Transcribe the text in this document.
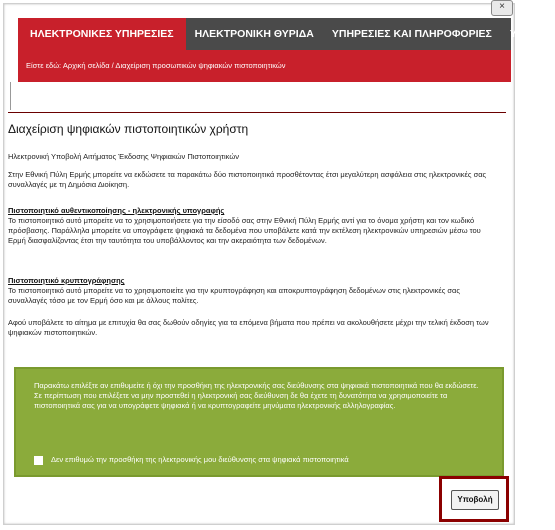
×
ΗΛΕΚΤΡΟΝΙΚΕΣ ΥΠΗΡΕΣΙΕΣ ΗΛΕΚΤΡΟΝΙΚΗ ΘΥΡΙΔΑ ΥΠΗΡΕΣΙΕΣ ΚΑΙ ΠΛΗΡΟΦΟΡΙΕΣ ΥΠΗΡΕ
Είστε εδώ: Αρχική σελίδα / Διαχείριση προσωπικών ψηφιακών πιστοποιητικών
Διαχείριση ψηφιακών πιστοποιητικών χρήστη
Ηλεκτρονική Υποβολή Αιτήματος Έκδοσης Ψηφιακών Πιστοποιητικών
Στην Εθνική Πύλη Ερμής μπορείτε να εκδώσετε τα παρακάτω δύο πιστοποιητικά προσθέτοντας έτσι μεγαλύτερη ασφάλεια στις ηλεκτρονικές σας συναλλαγές με τη Δημόσια Διοίκηση.
Πιστοποιητικό αυθεντικοποίησης - ηλεκτρονικής υπογραφής
Το πιστοποιητικό αυτό μπορείτε να το χρησιμοποιήσετε για την είσοδό σας στην Εθνική Πύλη Ερμής αντί για το όνομα χρήστη και τον κωδικό πρόσβασης. Παράλληλα μπορείτε να υπογράφετε ψηφιακά τα δεδομένα που υποβάλετε κατά την εκτέλεση ηλεκτρονικών υπηρεσιών μέσω του Ερμή διασφαλίζοντας έτσι την ταυτότητα του υποβάλλοντος και την ακεραιότητα των δεδομένων.
Πιστοποιητικό κρυπτογράφησης
Το πιστοποιητικό αυτό μπορείτε να το χρησιμοποιείτε για την κρυπτογράφηση και αποκρυπτογράφηση δεδομένων στις ηλεκτρονικές σας συναλλαγές τόσο με τον Ερμή όσο και με άλλους πολίτες.
Αφού υποβάλετε το αίτημα με επιτυχία θα σας δωθούν οδηγίες για τα επόμενα βήματα που πρέπει να ακολουθήσετε μέχρι την τελική έκδοση των ψηφιακών πιστοποιητικών.
Παρακάτω επιλέξτε αν επιθυμείτε ή όχι την προσθήκη της ηλεκτρονικής σας διεύθυνσης στα ψηφιακά πιστοποιητικά που θα εκδώσετε. Σε περίπτωση που επιλέξετε να μην προστεθεί η ηλεκτρονική σας διεύθυνση δε θα έχετε τη δυνατότητα να χρησιμοποιείτε τα πιστοποιητικά σας για να υπογράφετε ψηφιακά ή να κρυπτογραφείτε μηνύματα ηλεκτρονικής αλληλογραφίας.
Δεν επιθυμώ την προσθήκη της ηλεκτρονικής μου διεύθυνσης στα ψηφιακά πιστοποιητικά
Υποβολή
